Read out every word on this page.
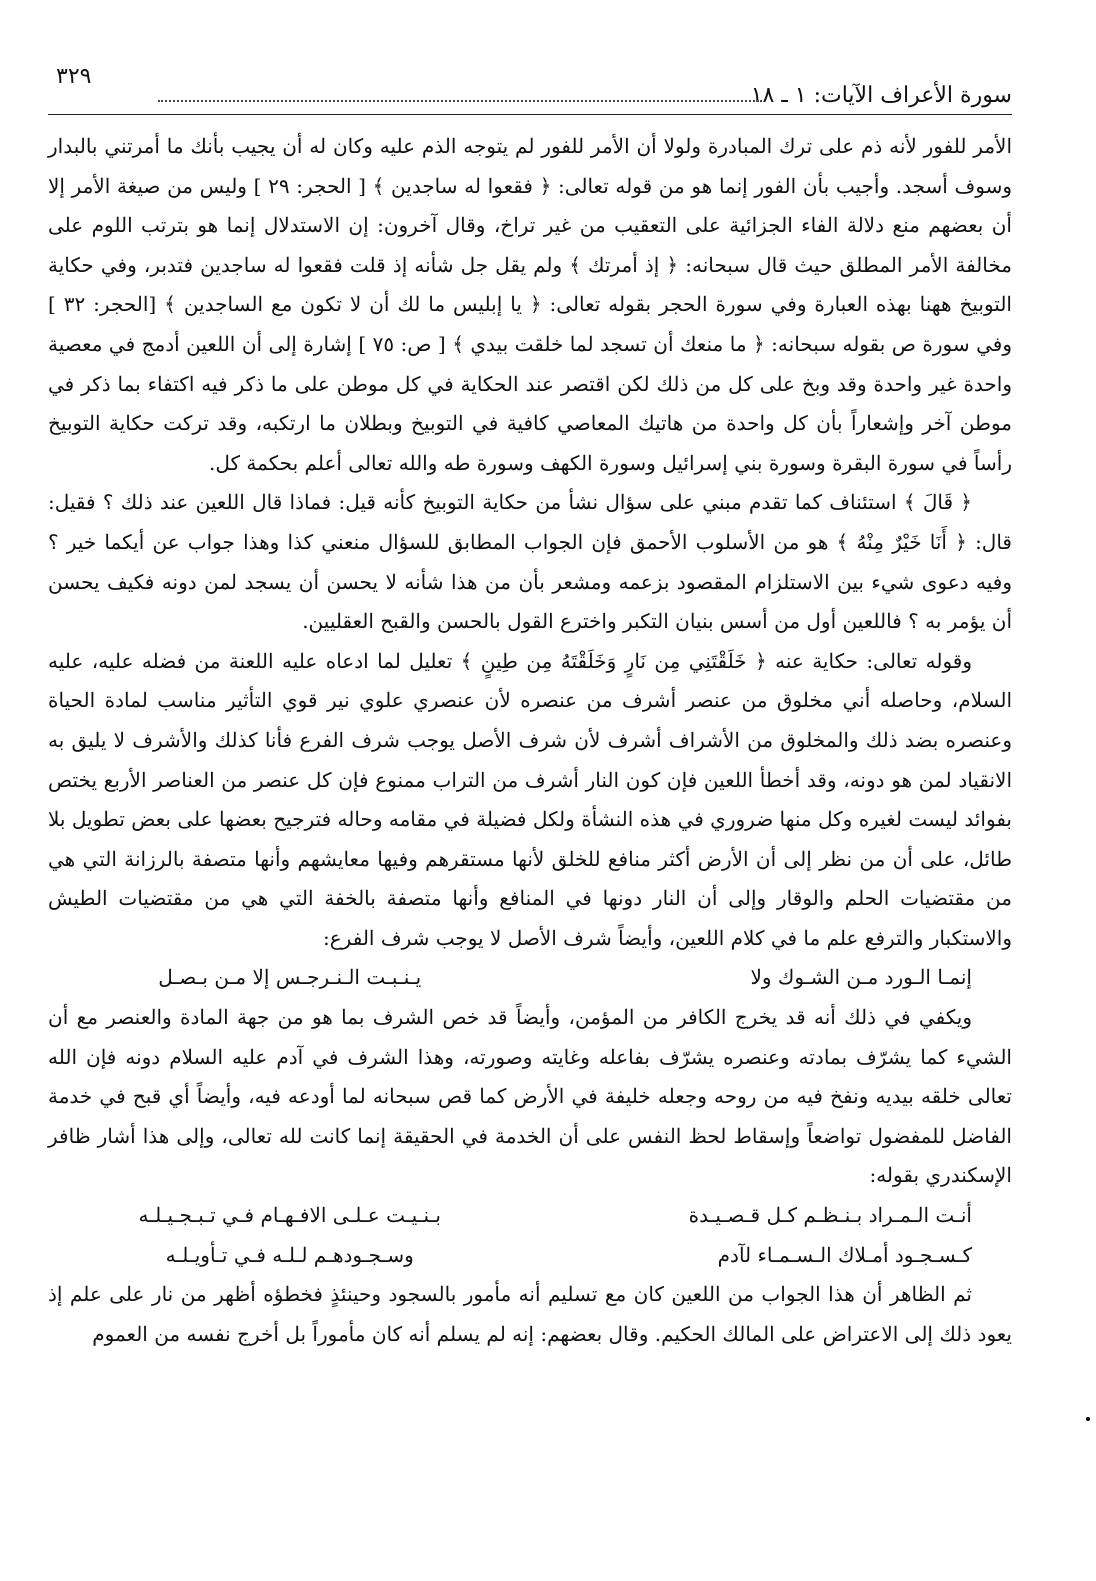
سورة الأعراف الآيات: ١ ـ ١٨
٣٢٩

الأمر للفور لأنه ذم على ترك المبادرة ولولا أن الأمر للفور لم يتوجه الذم عليه وكان له أن يجيب بأنك ما أمرتني بالبدار وسوف أسجد. وأجيب بأن الفور إنما هو من قوله تعالى: ﴿ فقعوا له ساجدين ﴾ [ الحجر: ٢٩ ] وليس من صيغة الأمر إلا أن بعضهم منع دلالة الفاء الجزائية على التعقيب من غير تراخ، وقال آخرون: إن الاستدلال إنما هو بترتب اللوم على مخالفة الأمر المطلق حيث قال سبحانه: ﴿ إذ أمرتك ﴾ ولم يقل جل شأنه إذ قلت فقعوا له ساجدين فتدبر، وفي حكاية التوبيخ ههنا بهذه العبارة وفي سورة الحجر بقوله تعالى: ﴿ يا إبليس ما لك أن لا تكون مع الساجدين ﴾ [الحجر: ٣٢ ] وفي سورة ص بقوله سبحانه: ﴿ ما منعك أن تسجد لما خلقت بيدي ﴾ [ ص: ٧٥ ] إشارة إلى أن اللعين أدمج في معصية واحدة غير واحدة وقد وبخ على كل من ذلك لكن اقتصر عند الحكاية في كل موطن على ما ذكر فيه اكتفاء بما ذكر في موطن آخر وإشعاراً بأن كل واحدة من هاتيك المعاصي كافية في التوبيخ وبطلان ما ارتكبه، وقد تركت حكاية التوبيخ رأساً في سورة البقرة وسورة بني إسرائيل وسورة الكهف وسورة طه والله تعالى أعلم بحكمة كل.

﴿ قَالَ ﴾ استئناف كما تقدم مبني على سؤال نشأ من حكاية التوبيخ كأنه قيل: فماذا قال اللعين عند ذلك ؟ فقيل: قال: ﴿ أَنَا خَيْرٌ مِنْهُ ﴾ هو من الأسلوب الأحمق فإن الجواب المطابق للسؤال منعني كذا وهذا جواب عن أيكما خير ؟ وفيه دعوى شيء بين الاستلزام المقصود بزعمه ومشعر بأن من هذا شأنه لا يحسن أن يسجد لمن دونه فكيف يحسن أن يؤمر به ؟ فاللعين أول من أسس بنيان التكبر واخترع القول بالحسن والقبح العقليين.

وقوله تعالى: حكاية عنه ﴿ خَلَقْتَنِي مِن نَارٍ وَخَلَقْتَهُ مِن طِينٍ ﴾ تعليل لما ادعاه عليه اللعنة من فضله عليه، عليه السلام، وحاصله أني مخلوق من عنصر أشرف من عنصره لأن عنصري علوي نير قوي التأثير مناسب لمادة الحياة وعنصره بضد ذلك والمخلوق من الأشراف أشرف لأن شرف الأصل يوجب شرف الفرع فأنا كذلك والأشرف لا يليق به الانقياد لمن هو دونه، وقد أخطأ اللعين فإن كون النار أشرف من التراب ممنوع فإن كل عنصر من العناصر الأربع يختص بفوائد ليست لغيره وكل منها ضروري في هذه النشأة ولكل فضيلة في مقامه وحاله فترجيح بعضها على بعض تطويل بلا طائل، على أن من نظر إلى أن الأرض أكثر منافع للخلق لأنها مستقرهم وفيها معايشهم وأنها متصفة بالرزانة التي هي من مقتضيات الحلم والوقار وإلى أن النار دونها في المنافع وأنها متصفة بالخفة التي هي من مقتضيات الطيش والاستكبار والترفع علم ما في كلام اللعين، وأيضاً شرف الأصل لا يوجب شرف الفرع:

إنمـا الـورد مـن الشـوك ولا
يـنـبـت الـنـرجـس إلا مـن بـصـل

ويكفي في ذلك أنه قد يخرج الكافر من المؤمن، وأيضاً قد خص الشرف بما هو من جهة المادة والعنصر مع أن الشيء كما يشرّف بمادته وعنصره يشرّف بفاعله وغايته وصورته، وهذا الشرف في آدم عليه السلام دونه فإن الله تعالى خلقه بيديه ونفخ فيه من روحه وجعله خليفة في الأرض كما قص سبحانه لما أودعه فيه، وأيضاً أي قبح في خدمة الفاضل للمفضول تواضعاً وإسقاط لحظ النفس على أن الخدمة في الحقيقة إنما كانت لله تعالى، وإلى هذا أشار ظافر الإسكندري بقوله:

أنـت الـمـراد بـنـظـم كـل قـصـيـدة
بـنـيـت عـلـى الافـهـام فـي تـبـجـيـلـه
كـسـجـود أمـلاك الـسـمـاء لآدم
وسـجـودهـم لـلـه فـي تـأويـلـه

ثم الظاهر أن هذا الجواب من اللعين كان مع تسليم أنه مأمور بالسجود وحينئذٍ فخطؤه أظهر من نار على علم إذ يعود ذلك إلى الاعتراض على المالك الحكيم. وقال بعضهم: إنه لم يسلم أنه كان مأموراً بل أخرج نفسه من العموم
